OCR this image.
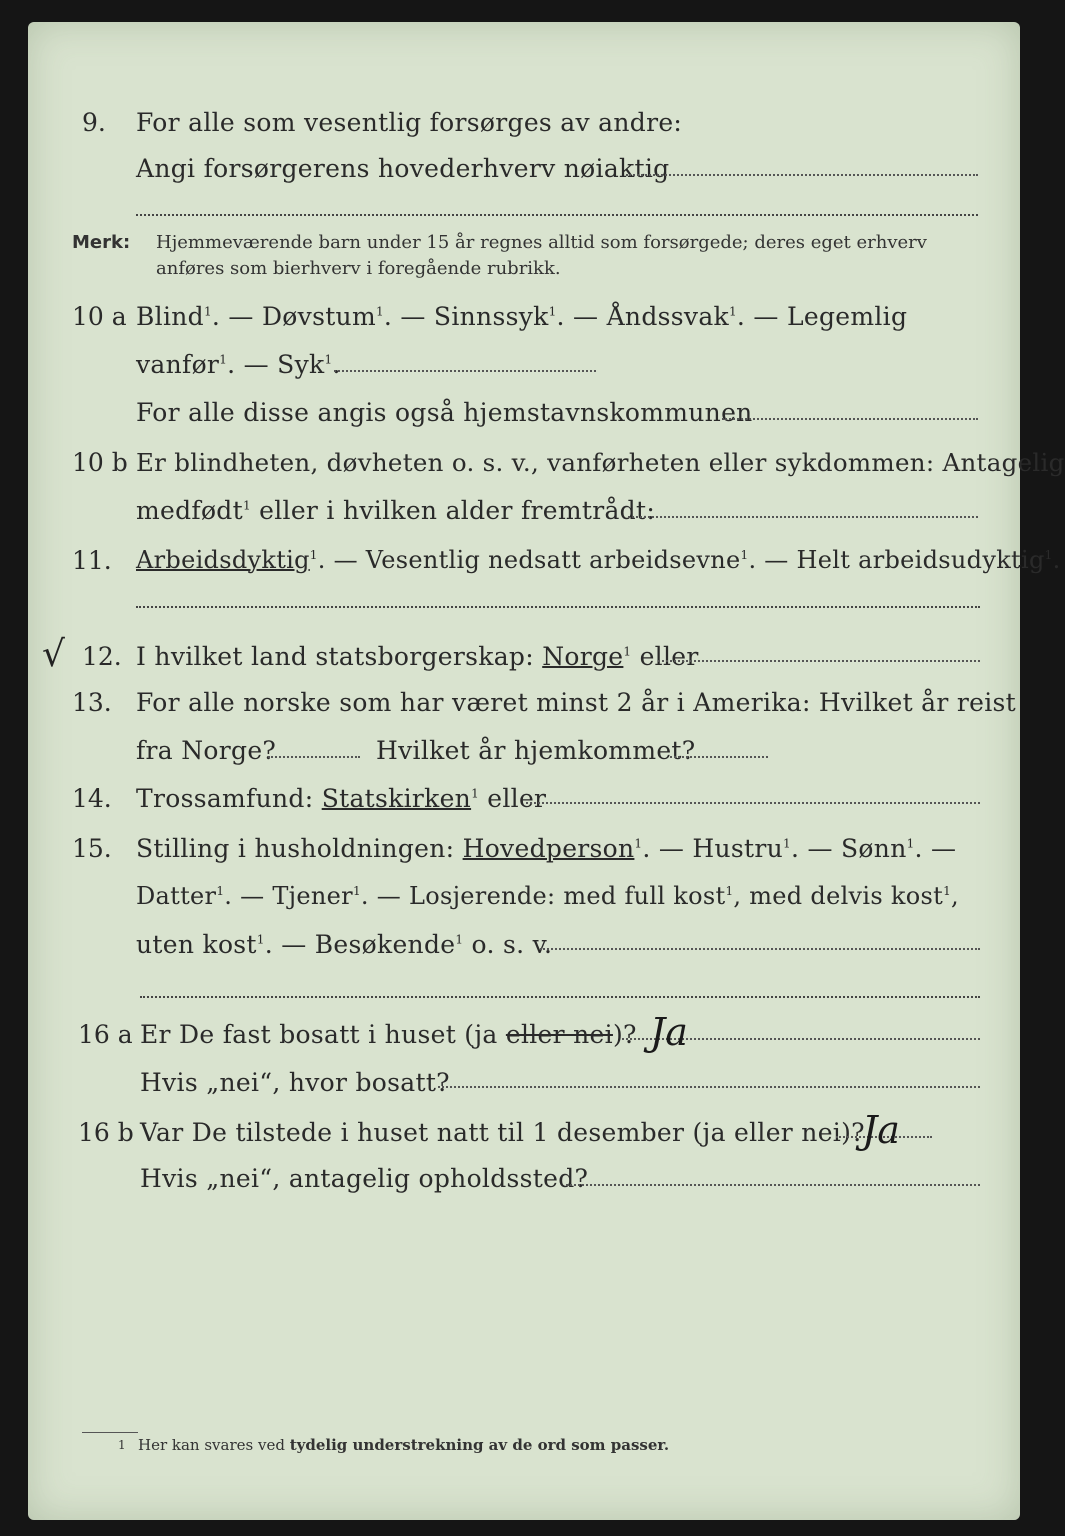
9. For alle som vesentlig forsørges av andre:
Angi forsørgerens hovederhverv nøiaktig
Merk: Hjemmeværende barn under 15 år regnes alltid som forsørgede; deres eget erhverv
anføres som bierhverv i foregående rubrikk.
10 a Blind$^1$. — Døvstum$^1$. — Sinnssyk$^1$. — Åndssvak$^1$. — Legemlig
vanfør$^1$. — Syk$^1$.
For alle disse angis også hjemstavnskommunen
10 b Er blindheten, døvheten o. s. v., vanførheten eller sykdommen: Antagelig
medfødt$^1$ eller i hvilken alder fremtrådt:
11. Arbeidsdyktig$^1$. — Vesentlig nedsatt arbeidsevne$^1$. — Helt arbeidsudyktig$^1$.
√ 12. I hvilket land statsborgerskap: Norge$^1$ eller
13. For alle norske som har været minst 2 år i Amerika: Hvilket år reist
fra Norge?	Hvilket år hjemkommet?
14. Trossamfund: Statskirken$^1$ eller
15. Stilling i husholdningen: Hovedperson$^1$. — Hustru$^1$. — Sønn$^1$. —
Datter$^1$. — Tjener$^1$. — Losjerende: med full kost$^1$, med delvis kost$^1$,
uten kost$^1$. — Besøkende$^1$ o. s. v.
16 a Er De fast bosatt i huset (ja eller nei)? Ja
Hvis „nei“, hvor bosatt?
16 b Var De tilstede i huset natt til 1 desember (ja eller nei)?
Ja
Hvis „nei“, antagelig opholdssted?
1 Her kan svares ved tydelig understrekning av de ord som passer.
